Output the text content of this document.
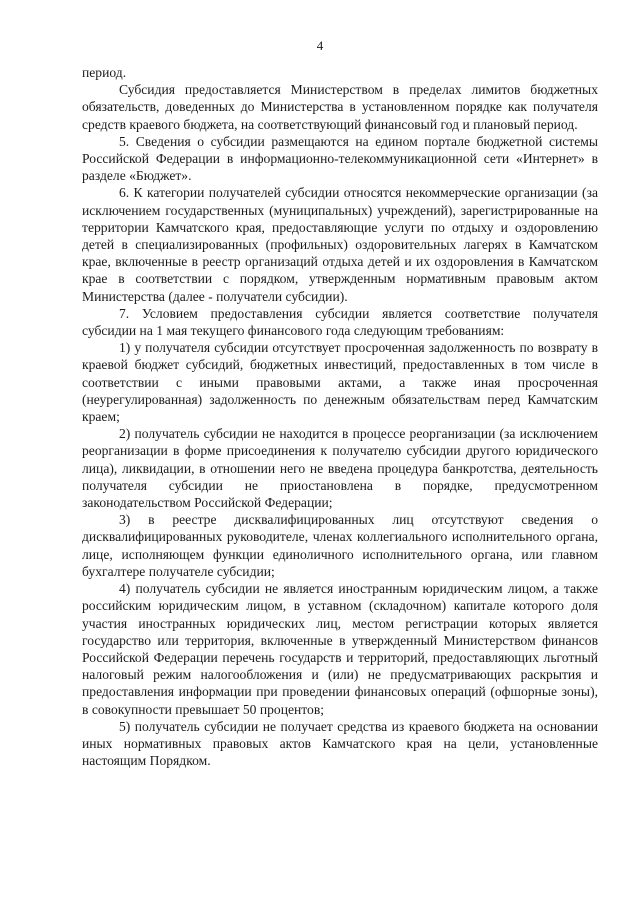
4

период.

Субсидия предоставляется Министерством в пределах лимитов бюджетных обязательств, доведенных до Министерства в установленном порядке как получателя средств краевого бюджета, на соответствующий финансовый год и плановый период.

5. Сведения о субсидии размещаются на едином портале бюджетной системы Российской Федерации в информационно-телекоммуникационной сети «Интернет» в разделе «Бюджет».

6. К категории получателей субсидии относятся некоммерческие организации (за исключением государственных (муниципальных) учреждений), зарегистрированные на территории Камчатского края, предоставляющие услуги по отдыху и оздоровлению детей в специализированных (профильных) оздоровительных лагерях в Камчатском крае, включенные в реестр организаций отдыха детей и их оздоровления в Камчатском крае в соответствии с порядком, утвержденным нормативным правовым актом Министерства (далее - получатели субсидии).

7. Условием предоставления субсидии является соответствие получателя субсидии на 1 мая текущего финансового года следующим требованиям:

1) у получателя субсидии отсутствует просроченная задолженность по возврату в краевой бюджет субсидий, бюджетных инвестиций, предоставленных в том числе в соответствии с иными правовыми актами, а также иная просроченная (неурегулированная) задолженность по денежным обязательствам перед Камчатским краем;

2) получатель субсидии не находится в процессе реорганизации (за исключением реорганизации в форме присоединения к получателю субсидии другого юридического лица), ликвидации, в отношении него не введена процедура банкротства, деятельность получателя субсидии не приостановлена в порядке, предусмотренном законодательством Российской Федерации;

3) в реестре дисквалифицированных лиц отсутствуют сведения о дисквалифицированных руководителе, членах коллегиального исполнительного органа, лице, исполняющем функции единоличного исполнительного органа, или главном бухгалтере получателе субсидии;

4) получатель субсидии не является иностранным юридическим лицом, а также российским юридическим лицом, в уставном (складочном) капитале которого доля участия иностранных юридических лиц, местом регистрации которых является государство или территория, включенные в утвержденный Министерством финансов Российской Федерации перечень государств и территорий, предоставляющих льготный налоговый режим налогообложения и (или) не предусматривающих раскрытия и предоставления информации при проведении финансовых операций (офшорные зоны), в совокупности превышает 50 процентов;

5) получатель субсидии не получает средства из краевого бюджета на основании иных нормативных правовых актов Камчатского края на цели, установленные настоящим Порядком.
